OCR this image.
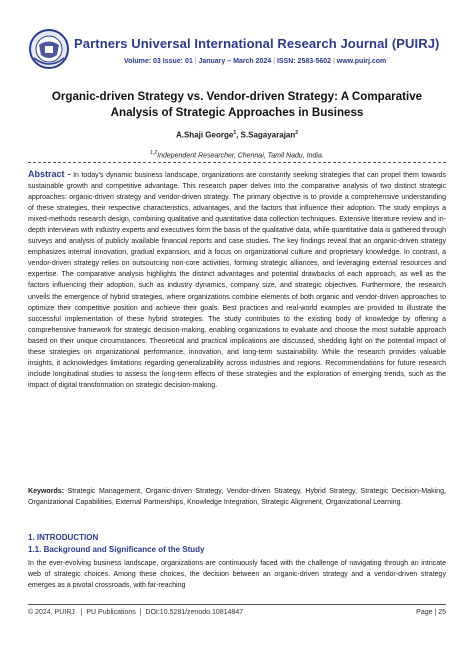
Partners Universal International Research Journal (PUIRJ)
Volume: 03 Issue: 01 | January – March 2024 | ISSN: 2583-5602 | www.puirj.com
Organic-driven Strategy vs. Vendor-driven Strategy: A Comparative Analysis of Strategic Approaches in Business
A.Shaji George$^1$, S.Sagayarajan$^2$
$^{1,2}$Independent Researcher, Chennai, Tamil Nadu, India.
Abstract - In today's dynamic business landscape, organizations are constantly seeking strategies that can propel them towards sustainable growth and competitive advantage. This research paper delves into the comparative analysis of two distinct strategic approaches: organic-driven strategy and vendor-driven strategy. The primary objective is to provide a comprehensive understanding of these strategies, their respective characteristics, advantages, and the factors that influence their adoption. The study employs a mixed-methods research design, combining qualitative and quantitative data collection techniques. Extensive literature review and in-depth interviews with industry experts and executives form the basis of the qualitative data, while quantitative data is gathered through surveys and analysis of publicly available financial reports and case studies. The key findings reveal that an organic-driven strategy emphasizes internal innovation, gradual expansion, and a focus on organizational culture and proprietary knowledge. In contrast, a vendor-driven strategy relies on outsourcing non-core activities, forming strategic alliances, and leveraging external resources and expertise. The comparative analysis highlights the distinct advantages and potential drawbacks of each approach, as well as the factors influencing their adoption, such as industry dynamics, company size, and strategic objectives. Furthermore, the research unveils the emergence of hybrid strategies, where organizations combine elements of both organic and vendor-driven approaches to optimize their competitive position and achieve their goals. Best practices and real-world examples are provided to illustrate the successful implementation of these hybrid strategies. The study contributes to the existing body of knowledge by offering a comprehensive framework for strategic decision-making, enabling organizations to evaluate and choose the most suitable approach based on their unique circumstances. Theoretical and practical implications are discussed, shedding light on the potential impact of these strategies on organizational performance, innovation, and long-term sustainability. While the research provides valuable insights, it acknowledges limitations regarding generalizability across industries and regions. Recommendations for future research include longitudinal studies to assess the long-term effects of these strategies and the exploration of emerging trends, such as the impact of digital transformation on strategic decision-making.
Keywords: Strategic Management, Organic-driven Strategy, Vendor-driven Strategy, Hybrid Strategy, Strategic Decision-Making, Organizational Capabilities, External Partnerships, Knowledge Integration, Strategic Alignment, Organizational Learning.
1. INTRODUCTION
1.1. Background and Significance of the Study
In the ever-evolving business landscape, organizations are continuously faced with the challenge of navigating through an intricate web of strategic choices. Among these choices, the decision between an organic-driven strategy and a vendor-driven strategy emerges as a pivotal crossroads, with far-reaching
© 2024, PUIRJ   |  PU Publications  |  DOI:10.5281/zenodo.10814847	Page | 25
